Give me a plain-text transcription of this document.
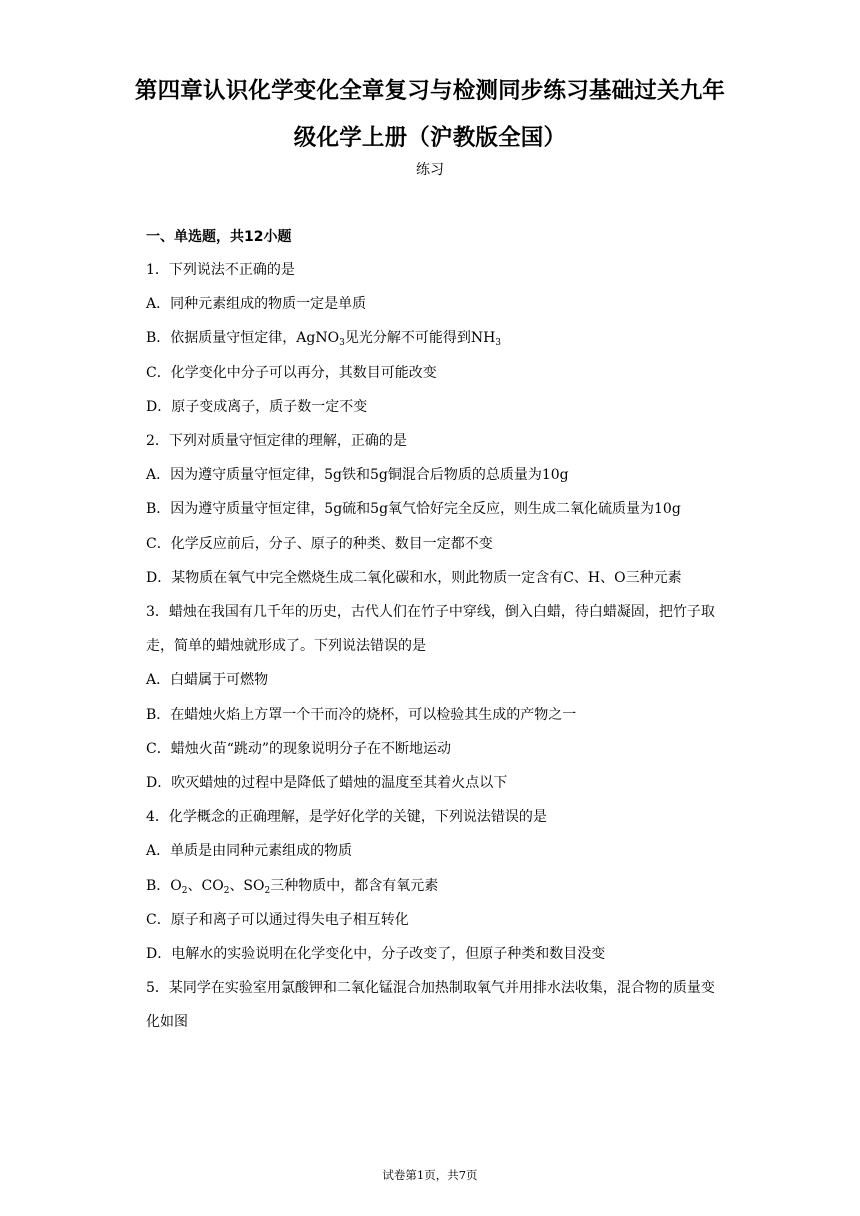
第四章认识化学变化全章复习与检测同步练习基础过关九年
级化学上册（沪教版全国）
练习
一、单选题，共12小题
1．下列说法不正确的是
A．同种元素组成的物质一定是单质
B．依据质量守恒定律，AgNO$_3$见光分解不可能得到$NH_3$
C．化学变化中分子可以再分，其数目可能改变
D．原子变成离子，质子数一定不变
2．下列对质量守恒定律的理解，正确的是
A．因为遵守质量守恒定律，5g铁和5g铜混合后物质的总质量为10g
B．因为遵守质量守恒定律，5g硫和5g氧气恰好完全反应，则生成二氧化硫质量为10g
C．化学反应前后，分子、原子的种类、数目一定都不变
D．某物质在氧气中完全燃烧生成二氧化碳和水，则此物质一定含有C、H、O三种元素
3．蜡烛在我国有几千年的历史，古代人们在竹子中穿线，倒入白蜡，待白蜡凝固，把竹子取走，简单的蜡烛就形成了。下列说法错误的是
A．白蜡属于可燃物
B．在蜡烛火焰上方罩一个干而冷的烧杯，可以检验其生成的产物之一
C．蜡烛火苗“跳动”的现象说明分子在不断地运动
D．吹灭蜡烛的过程中是降低了蜡烛的温度至其着火点以下
4．化学概念的正确理解，是学好化学的关键，下列说法错误的是
A．单质是由同种元素组成的物质
B．$O_2$、$CO_2$、$SO_2$三种物质中，都含有氧元素
C．原子和离子可以通过得失电子相互转化
D．电解水的实验说明在化学变化中，分子改变了，但原子种类和数目没变
5．某同学在实验室用氯酸钾和二氧化锰混合加热制取氧气并用排水法收集，混合物的质量变化如图
试卷第1页，共7页
